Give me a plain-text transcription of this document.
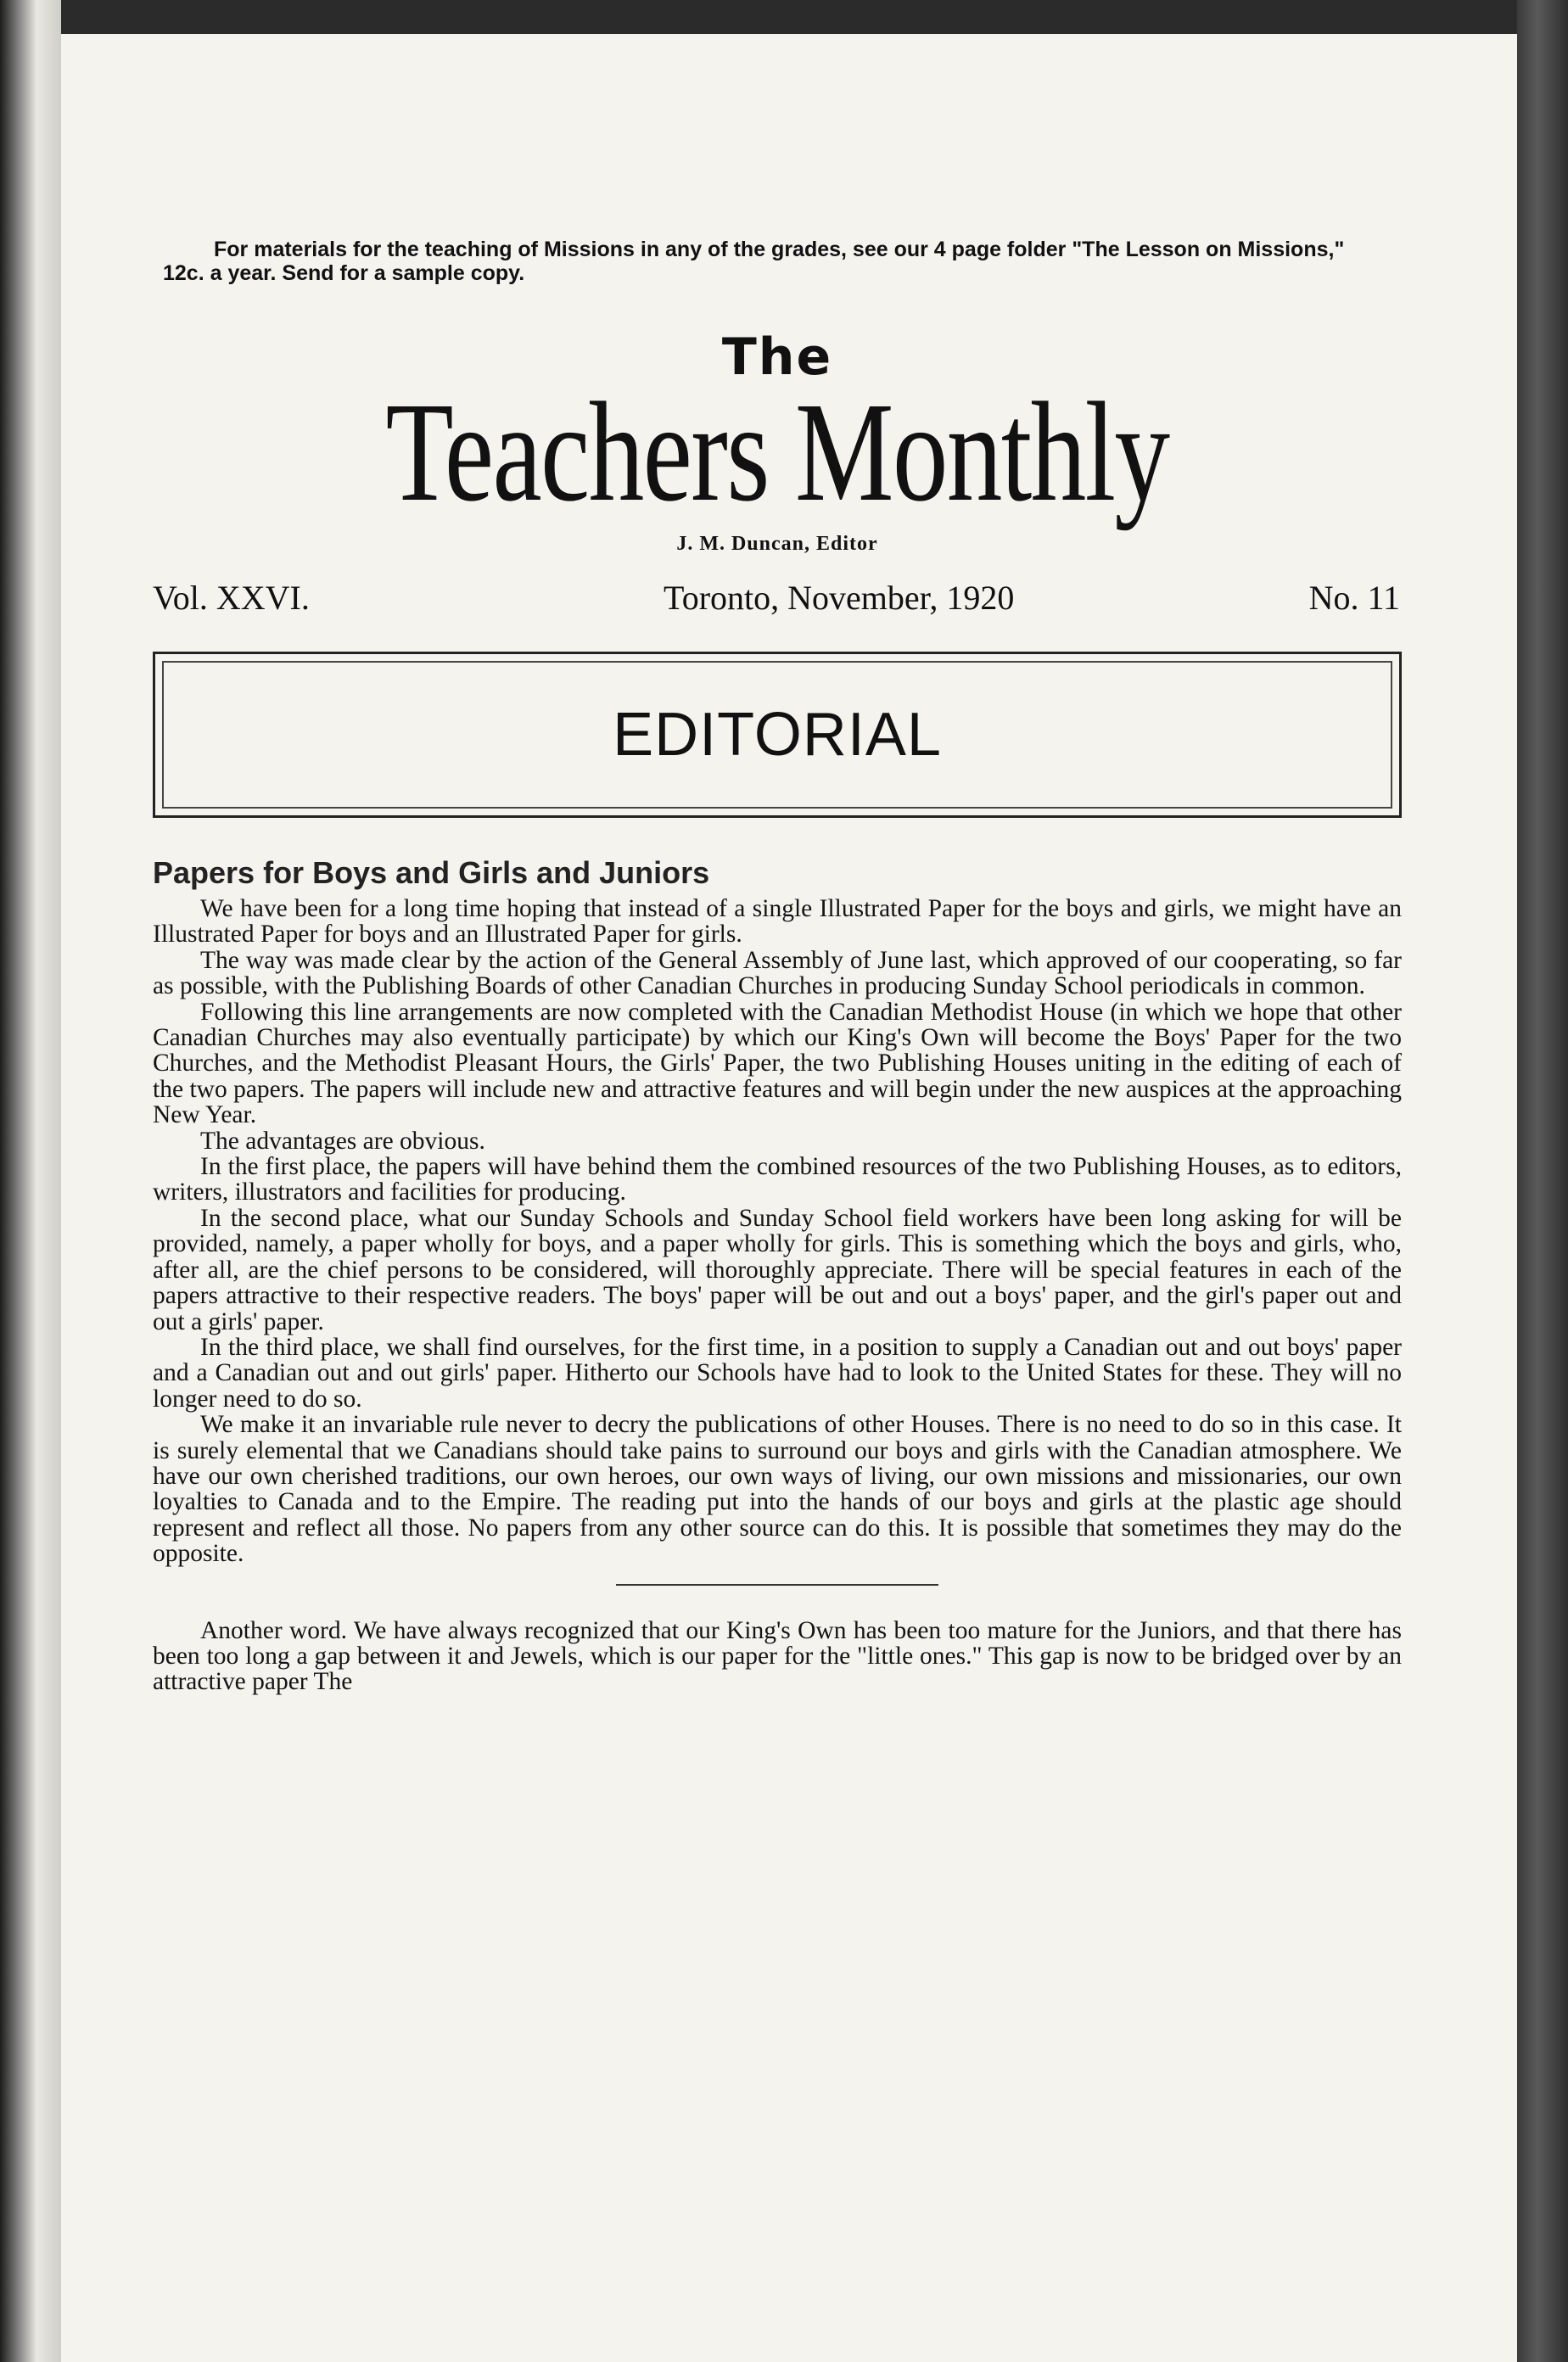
For materials for the teaching of Missions in any of the grades, see our 4 page folder "The Lesson on Missions," 12c. a year. Send for a sample copy.

The
Teachers Monthly
J. M. Duncan, Editor
Vol. XXVI.	Toronto, November, 1920	No. 11
EDITORIAL
Papers for Boys and Girls and Juniors

We have been for a long time hoping that instead of a single Illustrated Paper for the boys and girls, we might have an Illustrated Paper for boys and an Illustrated Paper for girls.

The way was made clear by the action of the General Assembly of June last, which approved of our cooperating, so far as possible, with the Publishing Boards of other Canadian Churches in producing Sunday School periodicals in common.

Following this line arrangements are now completed with the Canadian Methodist House (in which we hope that other Canadian Churches may also eventually participate) by which our King's Own will become the Boys' Paper for the two Churches, and the Methodist Pleasant Hours, the Girls' Paper, the two Publishing Houses uniting in the editing of each of the two papers. The papers will include new and attractive features and will begin under the new auspices at the approaching New Year.

The advantages are obvious.

In the first place, the papers will have behind them the combined resources of the two Publishing Houses, as to editors, writers, illustrators and facilities for producing.

In the second place, what our Sunday Schools and Sunday School field workers have been long asking for will be provided, namely, a paper wholly for boys, and a paper wholly for girls. This is something which the boys and girls, who, after all, are the chief persons to be considered, will thoroughly appreciate. There will be special features in each of the papers attractive to their respective readers. The boys' paper will be out and out a boys' paper, and the girl's paper out and out a girls' paper.

In the third place, we shall find ourselves, for the first time, in a position to supply a Canadian out and out boys' paper and a Canadian out and out girls' paper. Hitherto our Schools have had to look to the United States for these. They will no longer need to do so.

We make it an invariable rule never to decry the publications of other Houses. There is no need to do so in this case. It is surely elemental that we Canadians should take pains to surround our boys and girls with the Canadian atmosphere. We have our own cherished traditions, our own heroes, our own ways of living, our own missions and missionaries, our own loyalties to Canada and to the Empire. The reading put into the hands of our boys and girls at the plastic age should represent and reflect all those. No papers from any other source can do this. It is possible that sometimes they may do the opposite.

Another word. We have always recognized that our King's Own has been too mature for the Juniors, and that there has been too long a gap between it and Jewels, which is our paper for the "little ones." This gap is now to be bridged over by an attractive paper The
